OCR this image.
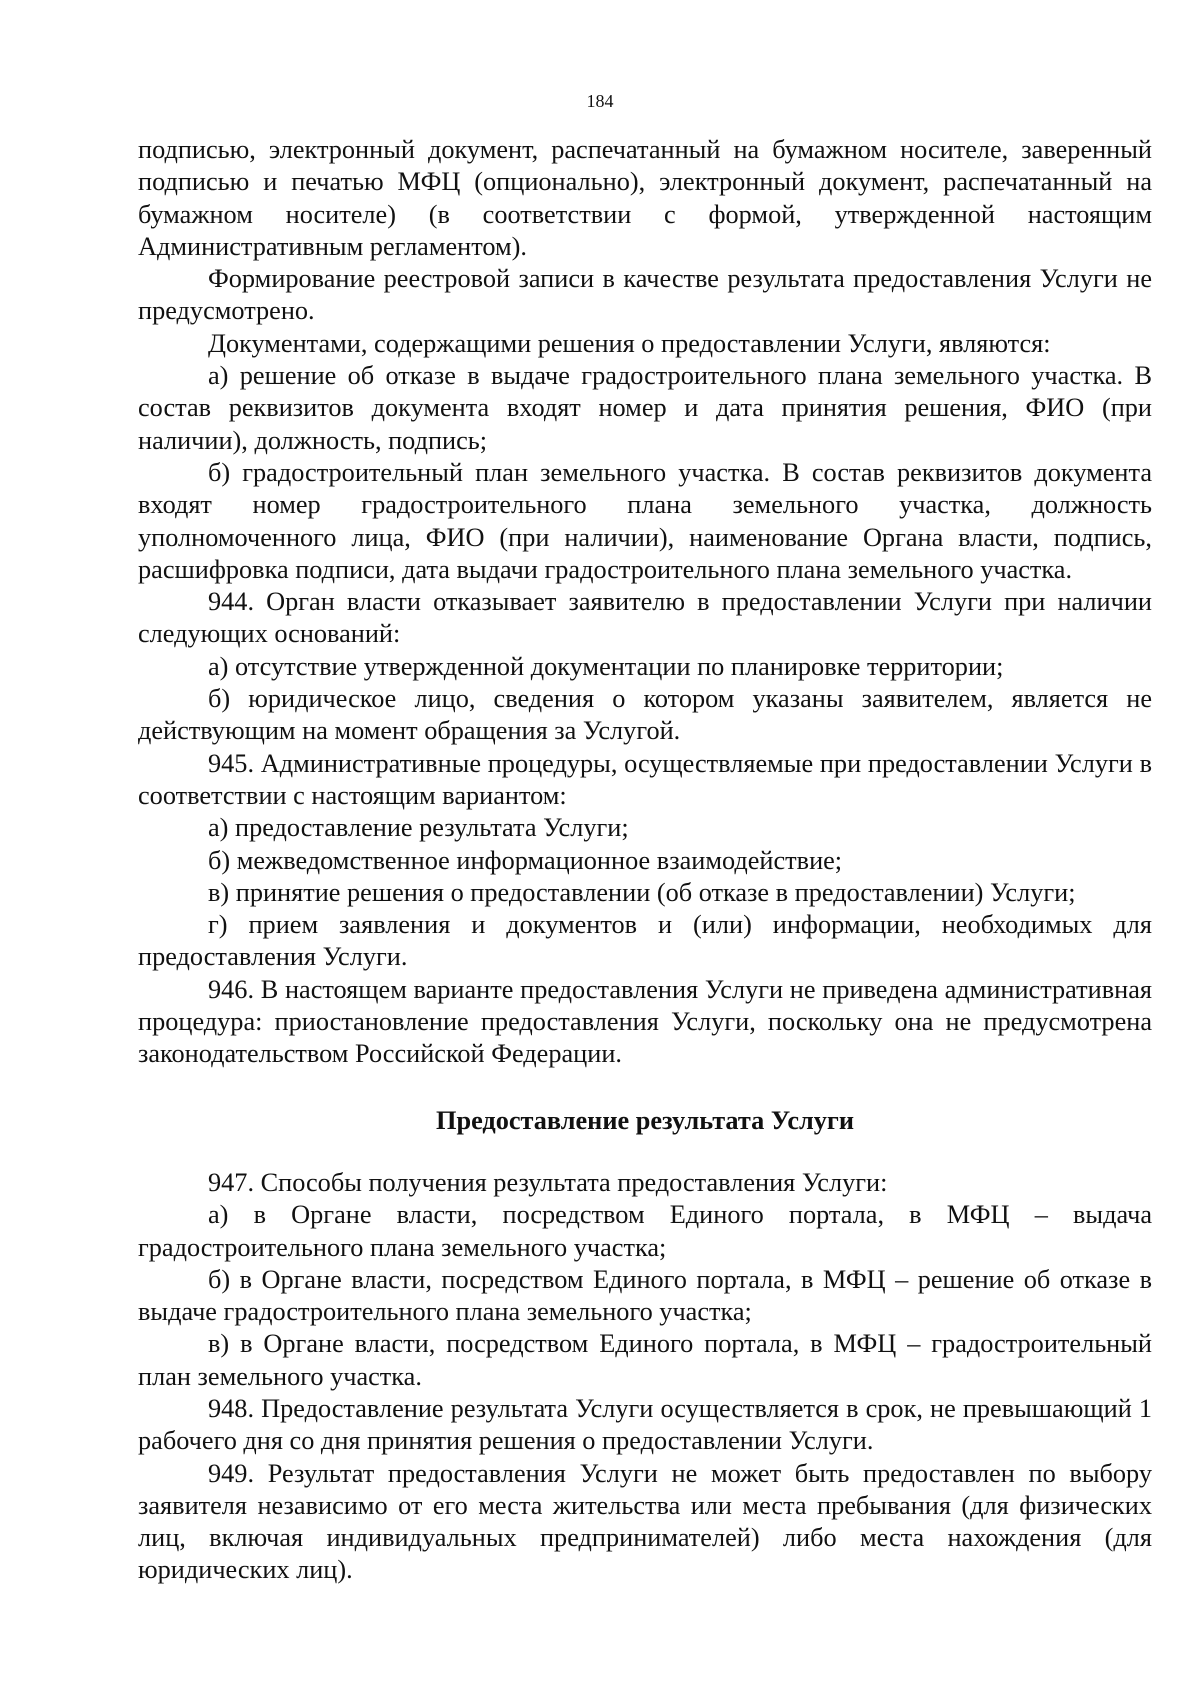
184

подписью, электронный документ, распечатанный на бумажном носителе, заверенный подписью и печатью МФЦ (опционально), электронный документ, распечатанный на бумажном носителе) (в соответствии с формой, утвержденной настоящим Административным регламентом).

Формирование реестровой записи в качестве результата предоставления Услуги не предусмотрено.

Документами, содержащими решения о предоставлении Услуги, являются:

а) решение об отказе в выдаче градостроительного плана земельного участка. В состав реквизитов документа входят номер и дата принятия решения, ФИО (при наличии), должность, подпись;

б) градостроительный план земельного участка. В состав реквизитов документа входят номер градостроительного плана земельного участка, должность уполномоченного лица, ФИО (при наличии), наименование Органа власти, подпись, расшифровка подписи, дата выдачи градостроительного плана земельного участка.

944. Орган власти отказывает заявителю в предоставлении Услуги при наличии следующих оснований:

а) отсутствие утвержденной документации по планировке территории;

б) юридическое лицо, сведения о котором указаны заявителем, является не действующим на момент обращения за Услугой.

945. Административные процедуры, осуществляемые при предоставлении Услуги в соответствии с настоящим вариантом:

а) предоставление результата Услуги;

б) межведомственное информационное взаимодействие;

в) принятие решения о предоставлении (об отказе в предоставлении) Услуги;

г) прием заявления и документов и (или) информации, необходимых для предоставления Услуги.

946. В настоящем варианте предоставления Услуги не приведена административная процедура: приостановление предоставления Услуги, поскольку она не предусмотрена законодательством Российской Федерации.

Предоставление результата Услуги

947. Способы получения результата предоставления Услуги:

а) в Органе власти, посредством Единого портала, в МФЦ – выдача градостроительного плана земельного участка;

б) в Органе власти, посредством Единого портала, в МФЦ – решение об отказе в выдаче градостроительного плана земельного участка;

в) в Органе власти, посредством Единого портала, в МФЦ – градостроительный план земельного участка.

948. Предоставление результата Услуги осуществляется в срок, не превышающий 1 рабочего дня со дня принятия решения о предоставлении Услуги.

949. Результат предоставления Услуги не может быть предоставлен по выбору заявителя независимо от его места жительства или места пребывания (для физических лиц, включая индивидуальных предпринимателей) либо места нахождения (для юридических лиц).
